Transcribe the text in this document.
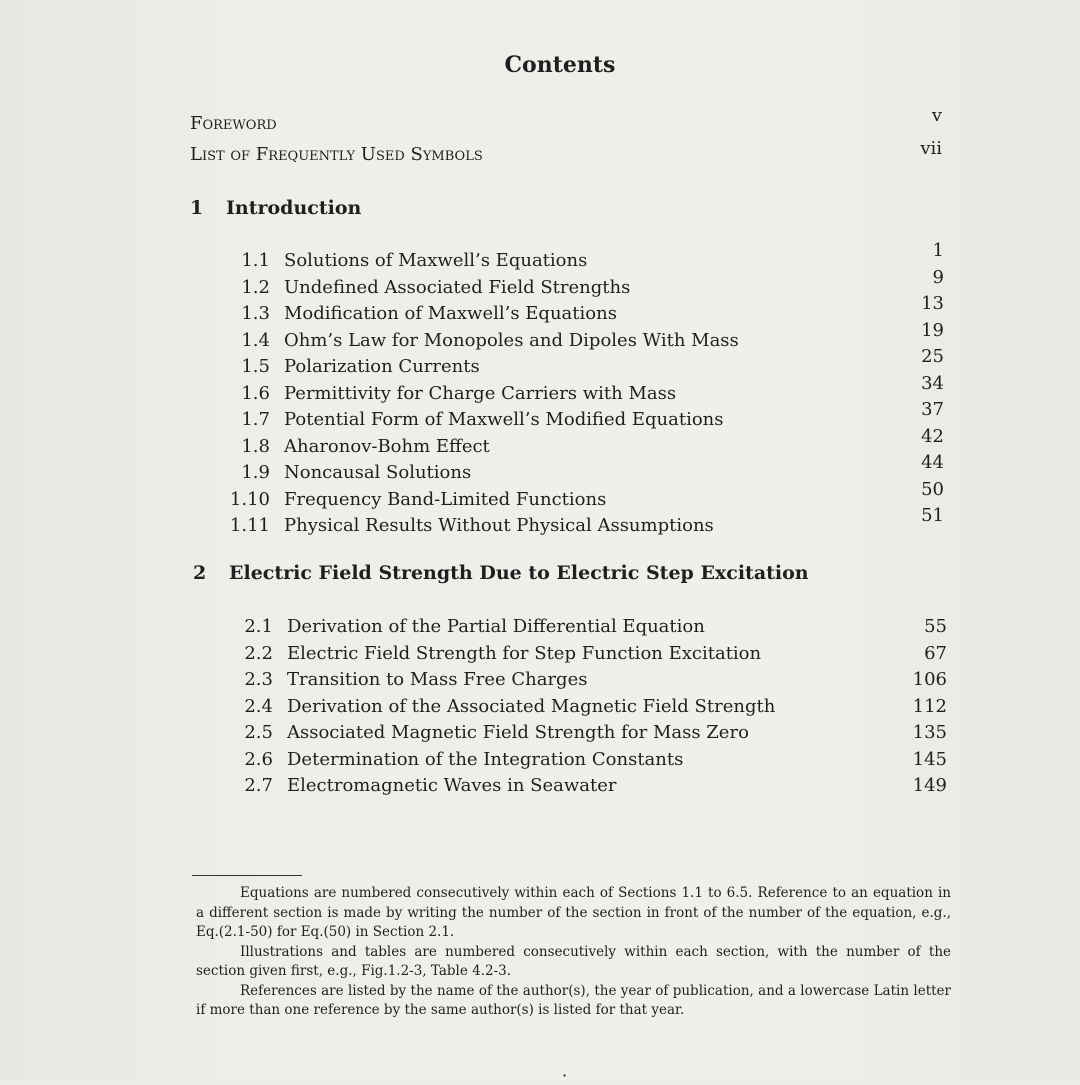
Contents
Foreword	v
List of Frequently Used Symbols	vii
1 Introduction
1.1 Solutions of Maxwell’s Equations	1
1.2 Undefined Associated Field Strengths	9
1.3 Modification of Maxwell’s Equations	13
1.4 Ohm’s Law for Monopoles and Dipoles With Mass	19
1.5 Polarization Currents	25
1.6 Permittivity for Charge Carriers with Mass	34
1.7 Potential Form of Maxwell’s Modified Equations	37
1.8 Aharonov-Bohm Effect	42
1.9 Noncausal Solutions	44
1.10 Frequency Band-Limited Functions	50
1.11 Physical Results Without Physical Assumptions	51
2 Electric Field Strength Due to Electric Step Excitation
2.1 Derivation of the Partial Differential Equation	55
2.2 Electric Field Strength for Step Function Excitation	67
2.3 Transition to Mass Free Charges	106
2.4 Derivation of the Associated Magnetic Field Strength	112
2.5 Associated Magnetic Field Strength for Mass Zero	135
2.6 Determination of the Integration Constants	145
2.7 Electromagnetic Waves in Seawater	149

Equations are numbered consecutively within each of Sections 1.1 to 6.5. Reference to an equation in a different section is made by writing the number of the section in front of the number of the equation, e.g., Eq.(2.1-50) for Eq.(50) in Section 2.1.

Illustrations and tables are numbered consecutively within each section, with the number of the section given first, e.g., Fig.1.2-3, Table 4.2-3.

References are listed by the name of the author(s), the year of publication, and a lowercase Latin letter if more than one reference by the same author(s) is listed for that year.

·
